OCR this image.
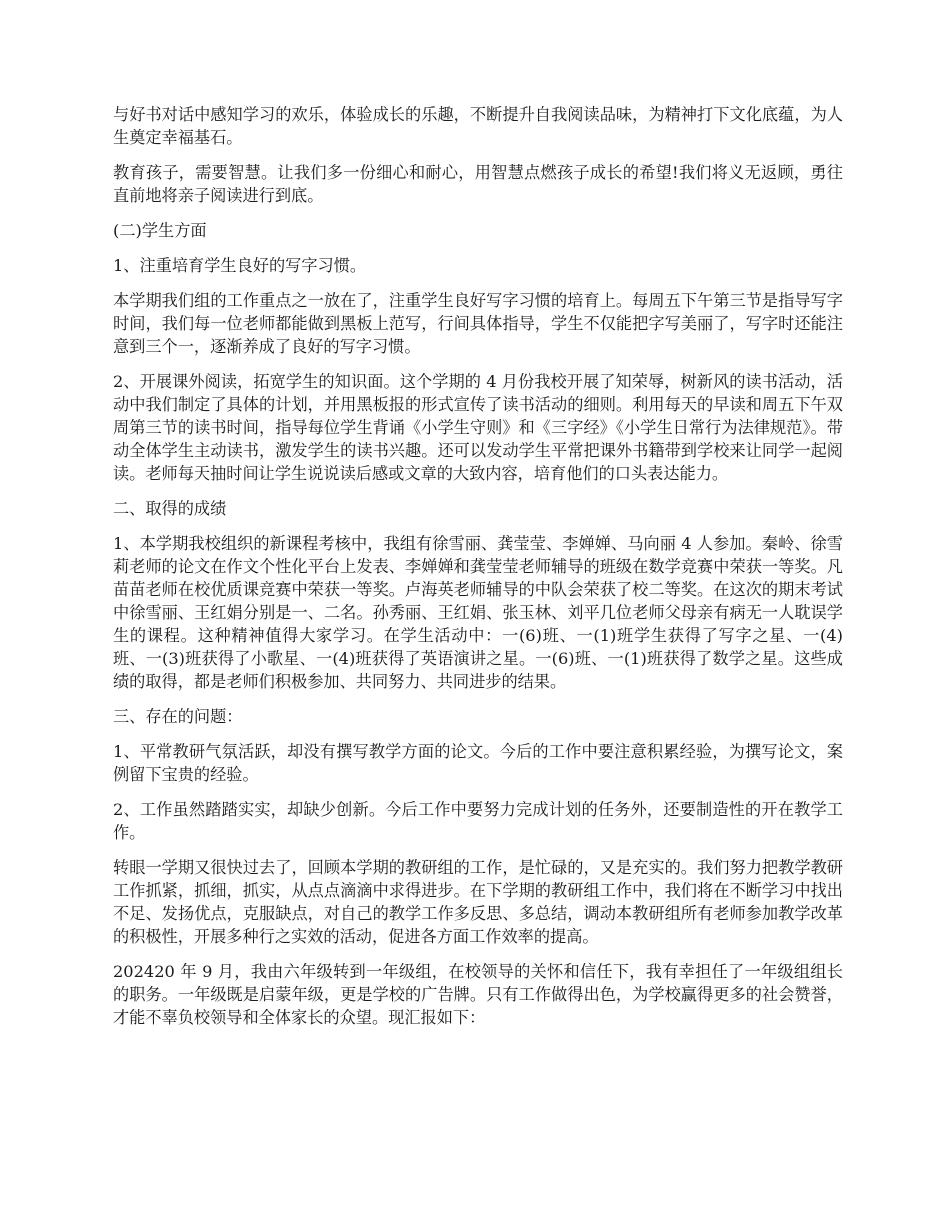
与好书对话中感知学习的欢乐，体验成长的乐趣，不断提升自我阅读品味，为精神打下文化底蕴，为人生奠定幸福基石。

教育孩子，需要智慧。让我们多一份细心和耐心，用智慧点燃孩子成长的希望!我们将义无返顾，勇往直前地将亲子阅读进行到底。

(二)学生方面

1、注重培育学生良好的写字习惯。

本学期我们组的工作重点之一放在了，注重学生良好写字习惯的培育上。每周五下午第三节是指导写字时间，我们每一位老师都能做到黑板上范写，行间具体指导，学生不仅能把字写美丽了，写字时还能注意到三个一，逐渐养成了良好的写字习惯。

2、开展课外阅读，拓宽学生的知识面。这个学期的 4 月份我校开展了知荣辱，树新风的读书活动，活动中我们制定了具体的计划，并用黑板报的形式宣传了读书活动的细则。利用每天的早读和周五下午双周第三节的读书时间，指导每位学生背诵《小学生守则》和《三字经》《小学生日常行为法律规范》。带动全体学生主动读书，激发学生的读书兴趣。还可以发动学生平常把课外书籍带到学校来让同学一起阅读。老师每天抽时间让学生说说读后感或文章的大致内容，培育他们的口头表达能力。

二、取得的成绩

1、本学期我校组织的新课程考核中，我组有徐雪丽、龚莹莹、李婵婵、马向丽 4 人参加。秦岭、徐雪莉老师的论文在作文个性化平台上发表、李婵婵和龚莹莹老师辅导的班级在数学竞赛中荣获一等奖。凡苗苗老师在校优质课竞赛中荣获一等奖。卢海英老师辅导的中队会荣获了校二等奖。在这次的期末考试中徐雪丽、王红娟分别是一、二名。孙秀丽、王红娟、张玉林、刘平几位老师父母亲有病无一人耽误学生的课程。这种精神值得大家学习。在学生活动中：一(6)班、一(1)班学生获得了写字之星、一(4)班、一(3)班获得了小歌星、一(4)班获得了英语演讲之星。一(6)班、一(1)班获得了数学之星。这些成绩的取得，都是老师们积极参加、共同努力、共同进步的结果。

三、存在的问题：

1、平常教研气氛活跃，却没有撰写教学方面的论文。今后的工作中要注意积累经验，为撰写论文，案例留下宝贵的经验。

2、工作虽然踏踏实实，却缺少创新。今后工作中要努力完成计划的任务外，还要制造性的开在教学工作。

转眼一学期又很快过去了，回顾本学期的教研组的工作，是忙碌的，又是充实的。我们努力把教学教研工作抓紧，抓细，抓实，从点点滴滴中求得进步。在下学期的教研组工作中，我们将在不断学习中找出不足、发扬优点，克服缺点，对自己的教学工作多反思、多总结，调动本教研组所有老师参加教学改革的积极性，开展多种行之实效的活动，促进各方面工作效率的提高。

202420 年 9 月，我由六年级转到一年级组，在校领导的关怀和信任下，我有幸担任了一年级组组长的职务。一年级既是启蒙年级，更是学校的广告牌。只有工作做得出色，为学校赢得更多的社会赞誉，才能不辜负校领导和全体家长的众望。现汇报如下：
